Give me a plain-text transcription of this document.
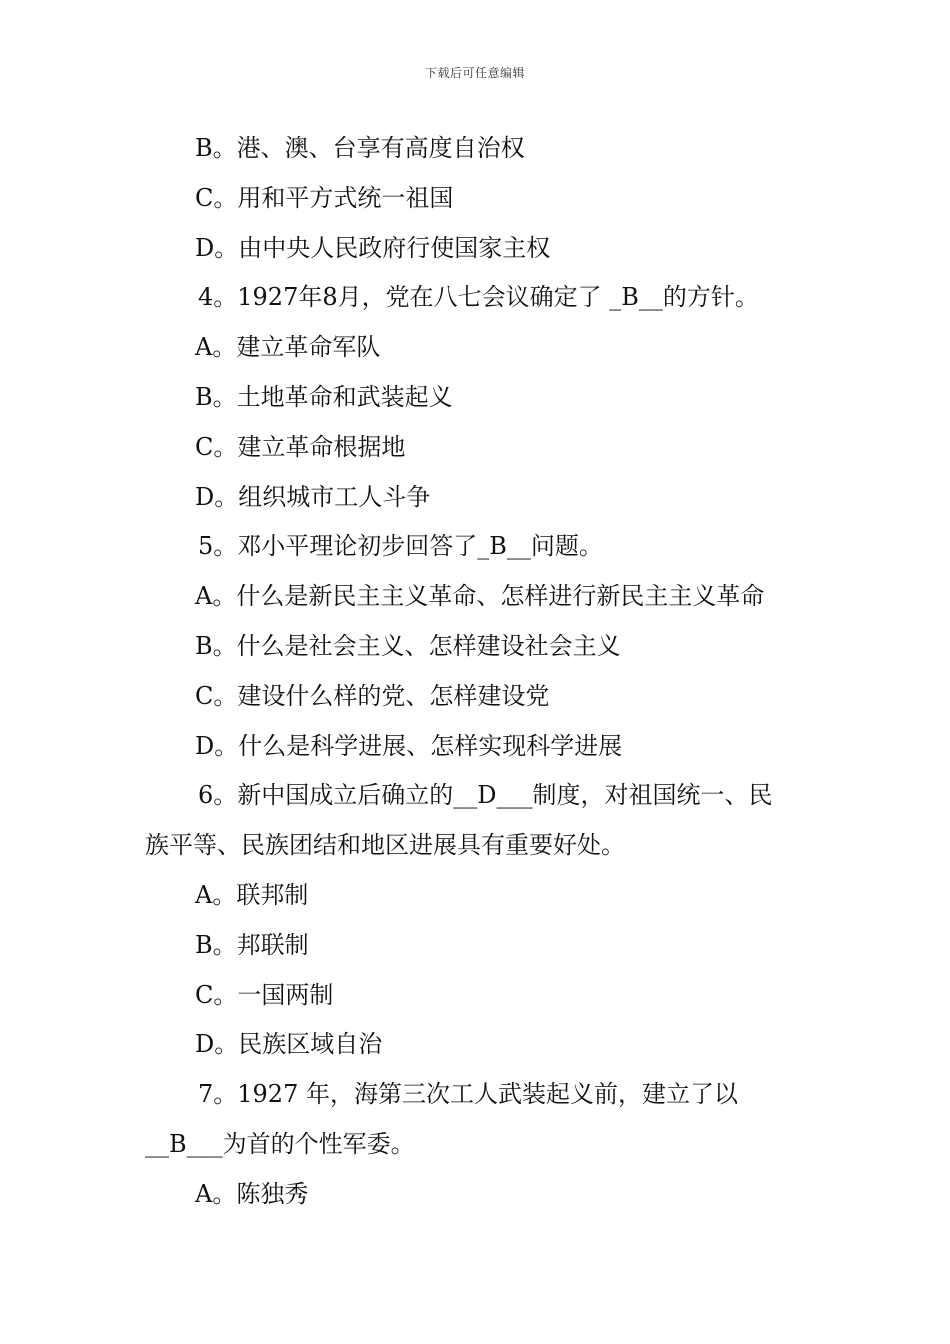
下载后可任意编辑
B。港、澳、台享有高度自治权
C。用和平方式统一祖国
D。由中央人民政府行使国家主权
4。1927年8月，党在八七会议确定了 _B__的方针。
A。建立革命军队
B。土地革命和武装起义
C。建立革命根据地
D。组织城市工人斗争
5。邓小平理论初步回答了_B__问题。
A。什么是新民主主义革命、怎样进行新民主主义革命
B。什么是社会主义、怎样建设社会主义
C。建设什么样的党、怎样建设党
D。什么是科学进展、怎样实现科学进展
6。新中国成立后确立的__D___制度，对祖国统一、民
族平等、民族团结和地区进展具有重要好处。
A。联邦制
B。邦联制
C。一国两制
D。民族区域自治
7。1927 年，海第三次工人武装起义前，建立了以
__B___为首的个性军委。
A。陈独秀
